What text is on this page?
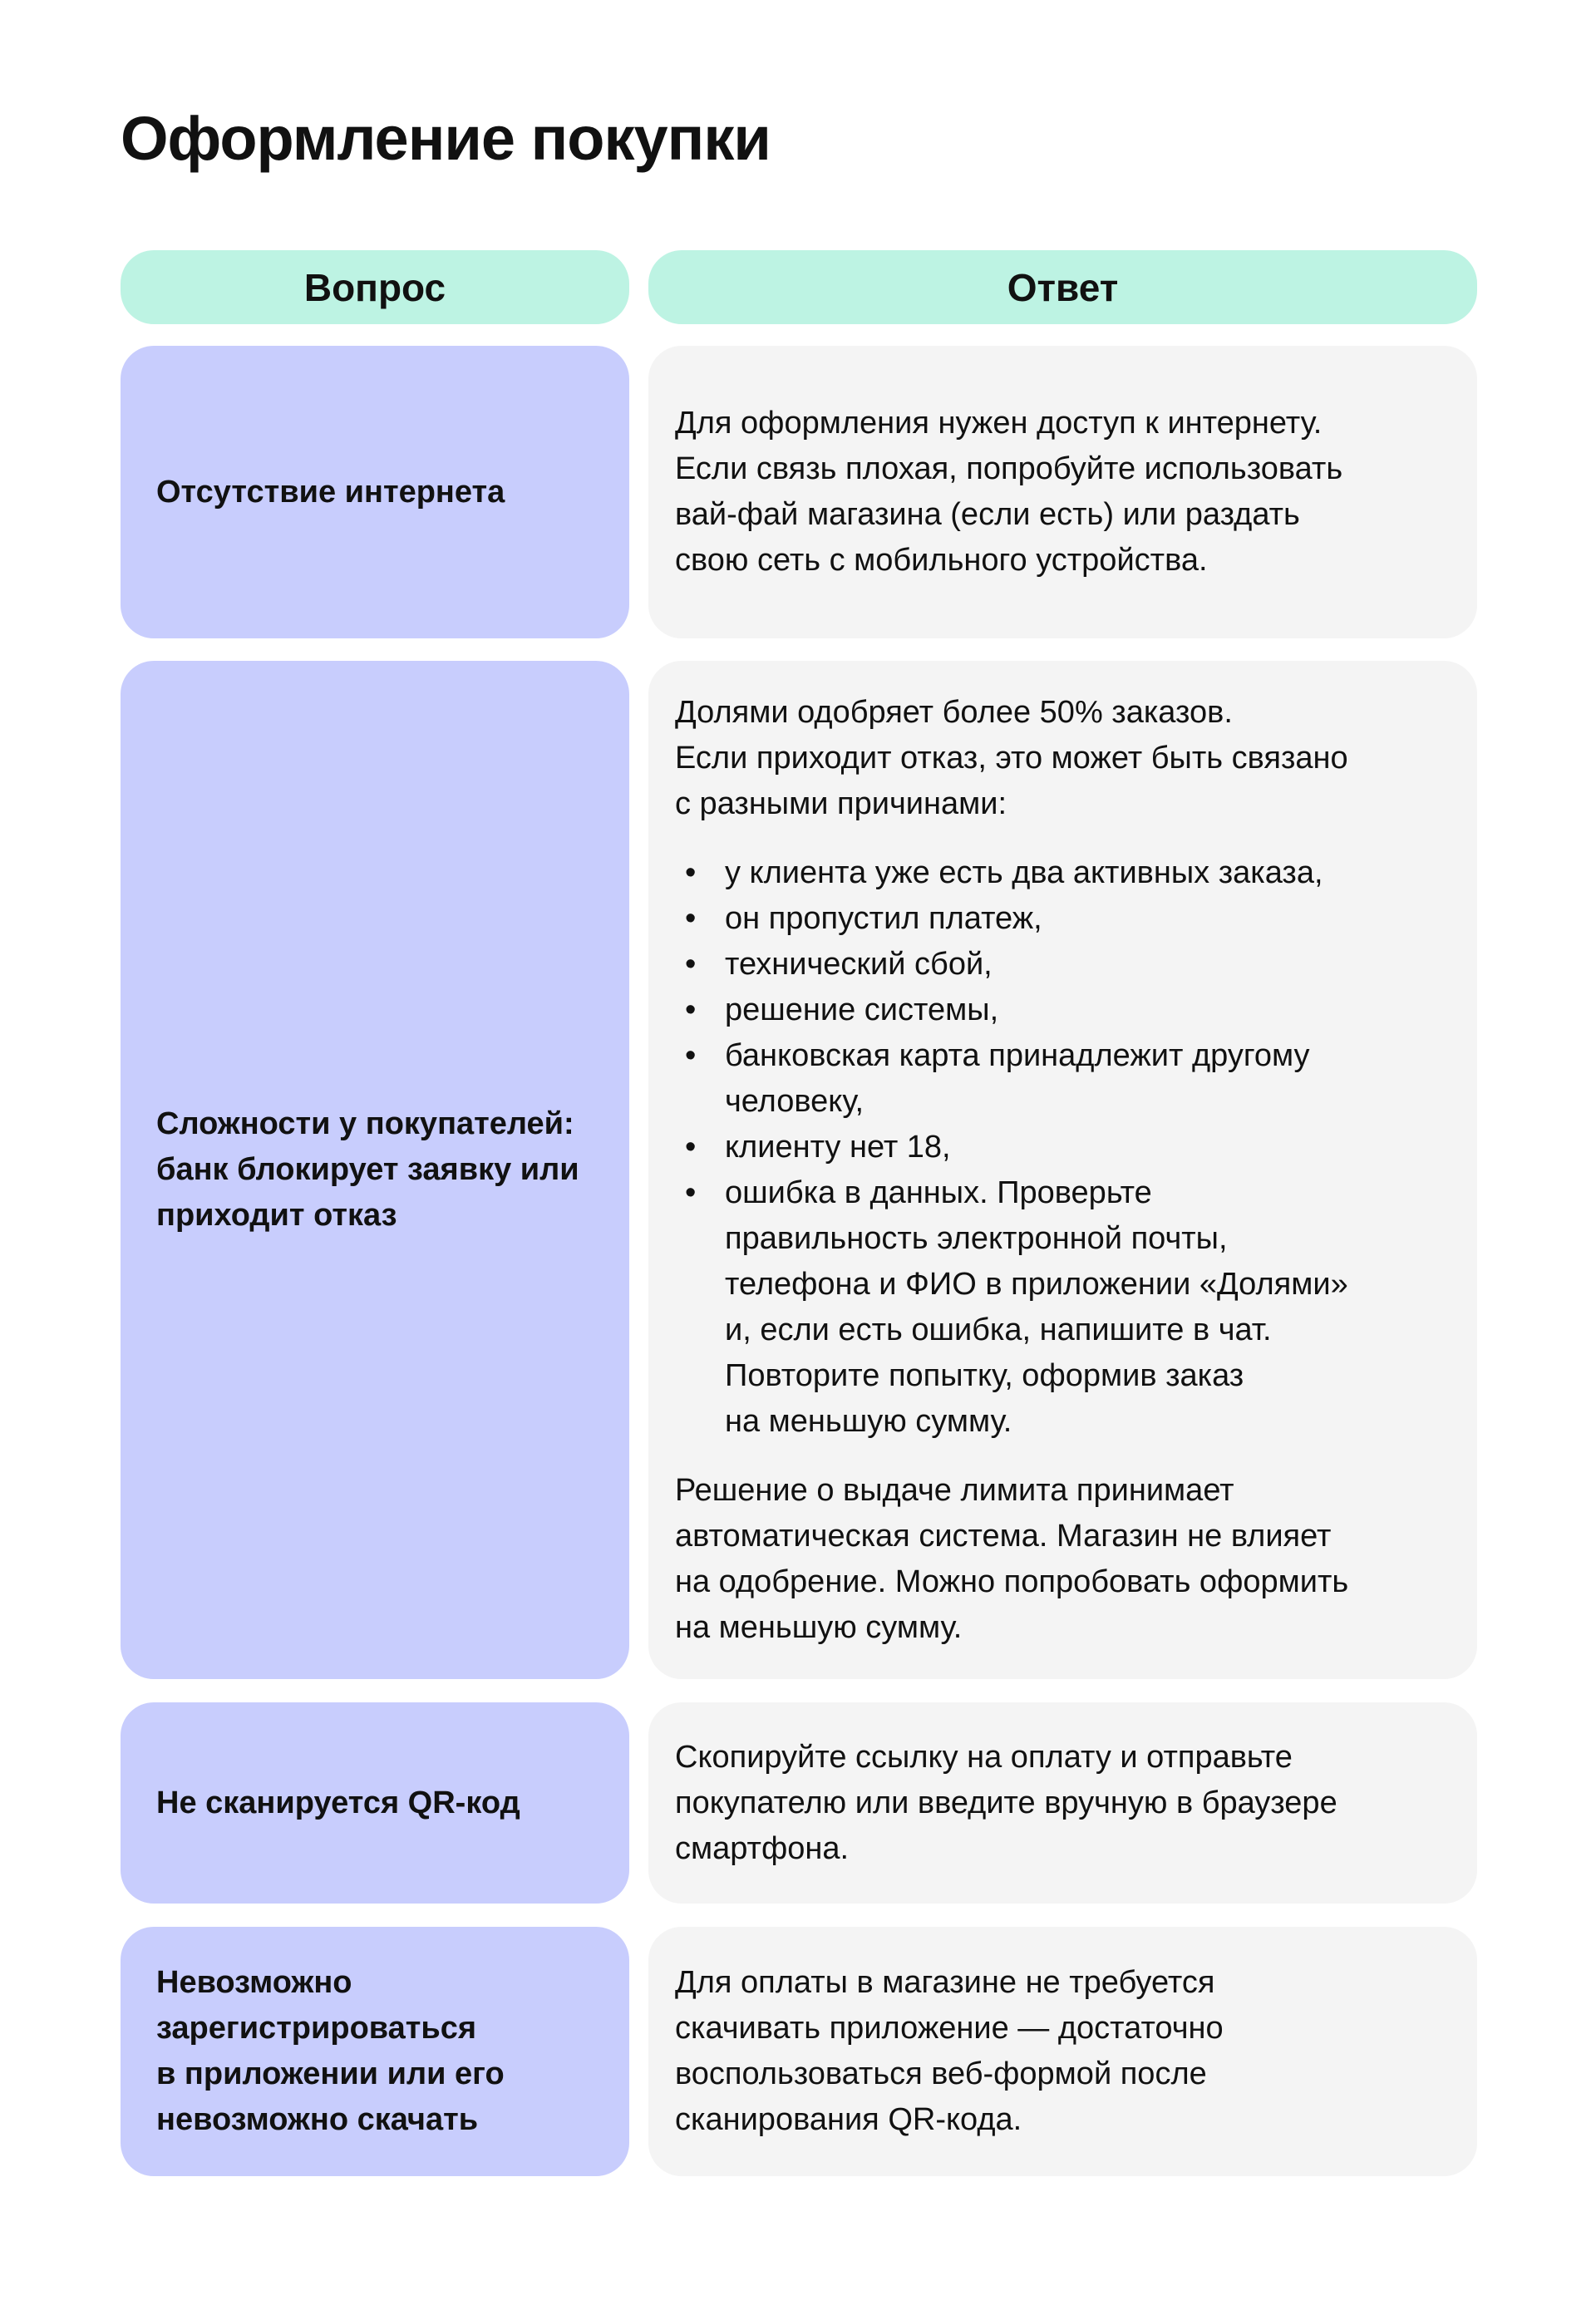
Оформление покупки
Вопрос	Ответ
Отсутствие интернета
Для оформления нужен доступ к интернету.
Если связь плохая, попробуйте использовать
вай-фай магазина (если есть) или раздать
свою сеть с мобильного устройства.
Сложности у покупателей:
банк блокирует заявку или
приходит отказ
Долями одобряет более 50% заказов.
Если приходит отказ, это может быть связано
с разными причинами:
• у клиента уже есть два активных заказа,
• он пропустил платеж,
• технический сбой,
• решение системы,
• банковская карта принадлежит другому
человеку,
• клиенту нет 18,
• ошибка в данных. Проверьте
правильность электронной почты,
телефона и ФИО в приложении «Долями»
и, если есть ошибка, напишите в чат.
Повторите попытку, оформив заказ
на меньшую сумму.
Решение о выдаче лимита принимает
автоматическая система. Магазин не влияет
на одобрение. Можно попробовать оформить
на меньшую сумму.
Не сканируется QR-код
Скопируйте ссылку на оплату и отправьте
покупателю или введите вручную в браузере
смартфона.
Невозможно
зарегистрироваться
в приложении или его
невозможно скачать
Для оплаты в магазине не требуется
скачивать приложение — достаточно
воспользоваться веб-формой после
сканирования QR-кода.
